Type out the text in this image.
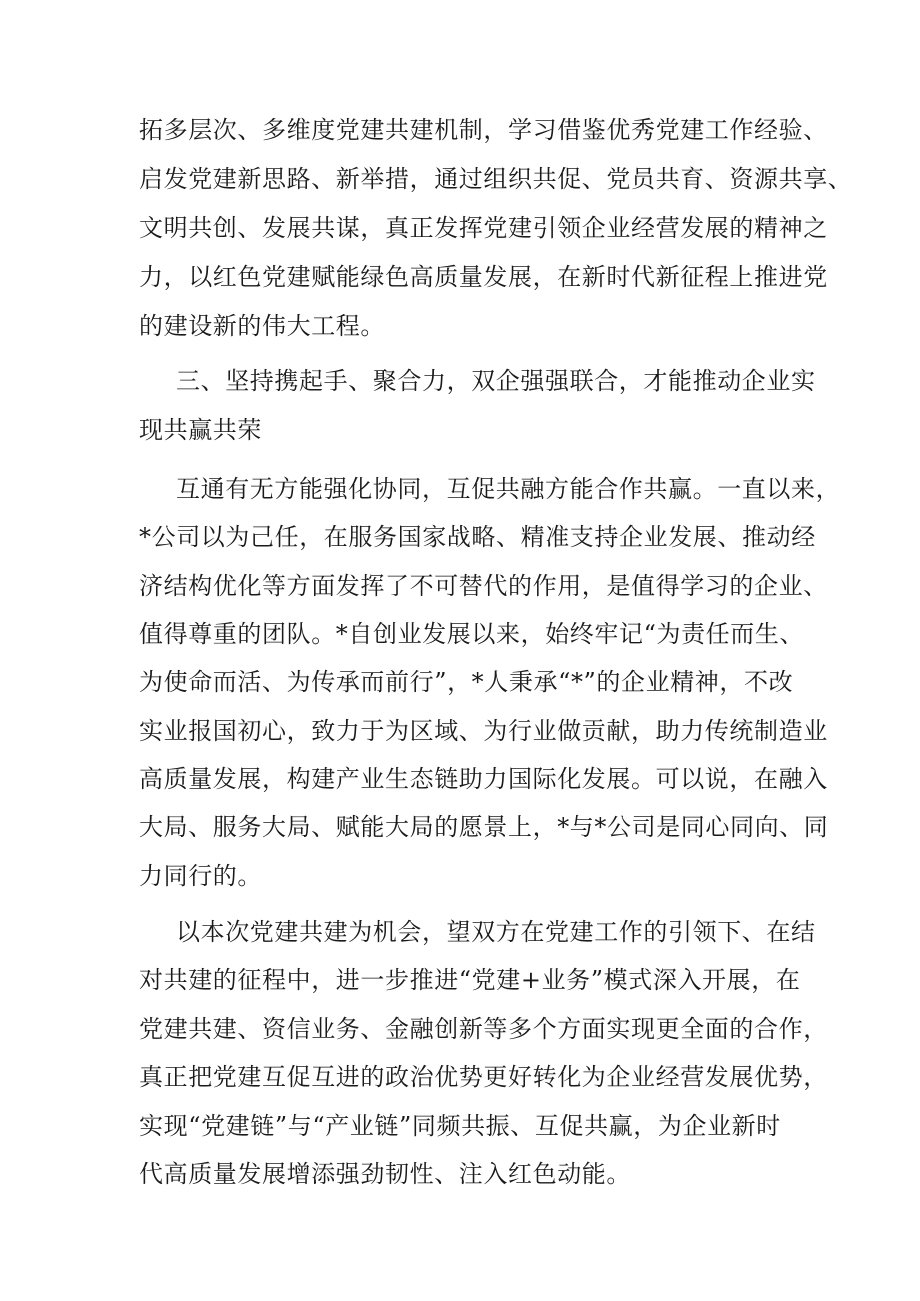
拓多层次、多维度党建共建机制，学习借鉴优秀党建工作经验、
启发党建新思路、新举措，通过组织共促、党员共育、资源共享、
文明共创、发展共谋，真正发挥党建引领企业经营发展的精神之
力，以红色党建赋能绿色高质量发展，在新时代新征程上推进党
的建设新的伟大工程。
三、坚持携起手、聚合力，双企强强联合，才能推动企业实
现共赢共荣
互通有无方能强化协同，互促共融方能合作共赢。一直以来，
*公司以为己任，在服务国家战略、精准支持企业发展、推动经
济结构优化等方面发挥了不可替代的作用，是值得学习的企业、
值得尊重的团队。*自创业发展以来，始终牢记“为责任而生、
为使命而活、为传承而前行”，*人秉承“*”的企业精神，不改
实业报国初心，致力于为区域、为行业做贡献，助力传统制造业
高质量发展，构建产业生态链助力国际化发展。可以说，在融入
大局、服务大局、赋能大局的愿景上，*与*公司是同心同向、同
力同行的。
以本次党建共建为机会，望双方在党建工作的引领下、在结
对共建的征程中，进一步推进“党建+业务”模式深入开展，在
党建共建、资信业务、金融创新等多个方面实现更全面的合作，
真正把党建互促互进的政治优势更好转化为企业经营发展优势，
实现“党建链”与“产业链”同频共振、互促共赢，为企业新时
代高质量发展增添强劲韧性、注入红色动能。
